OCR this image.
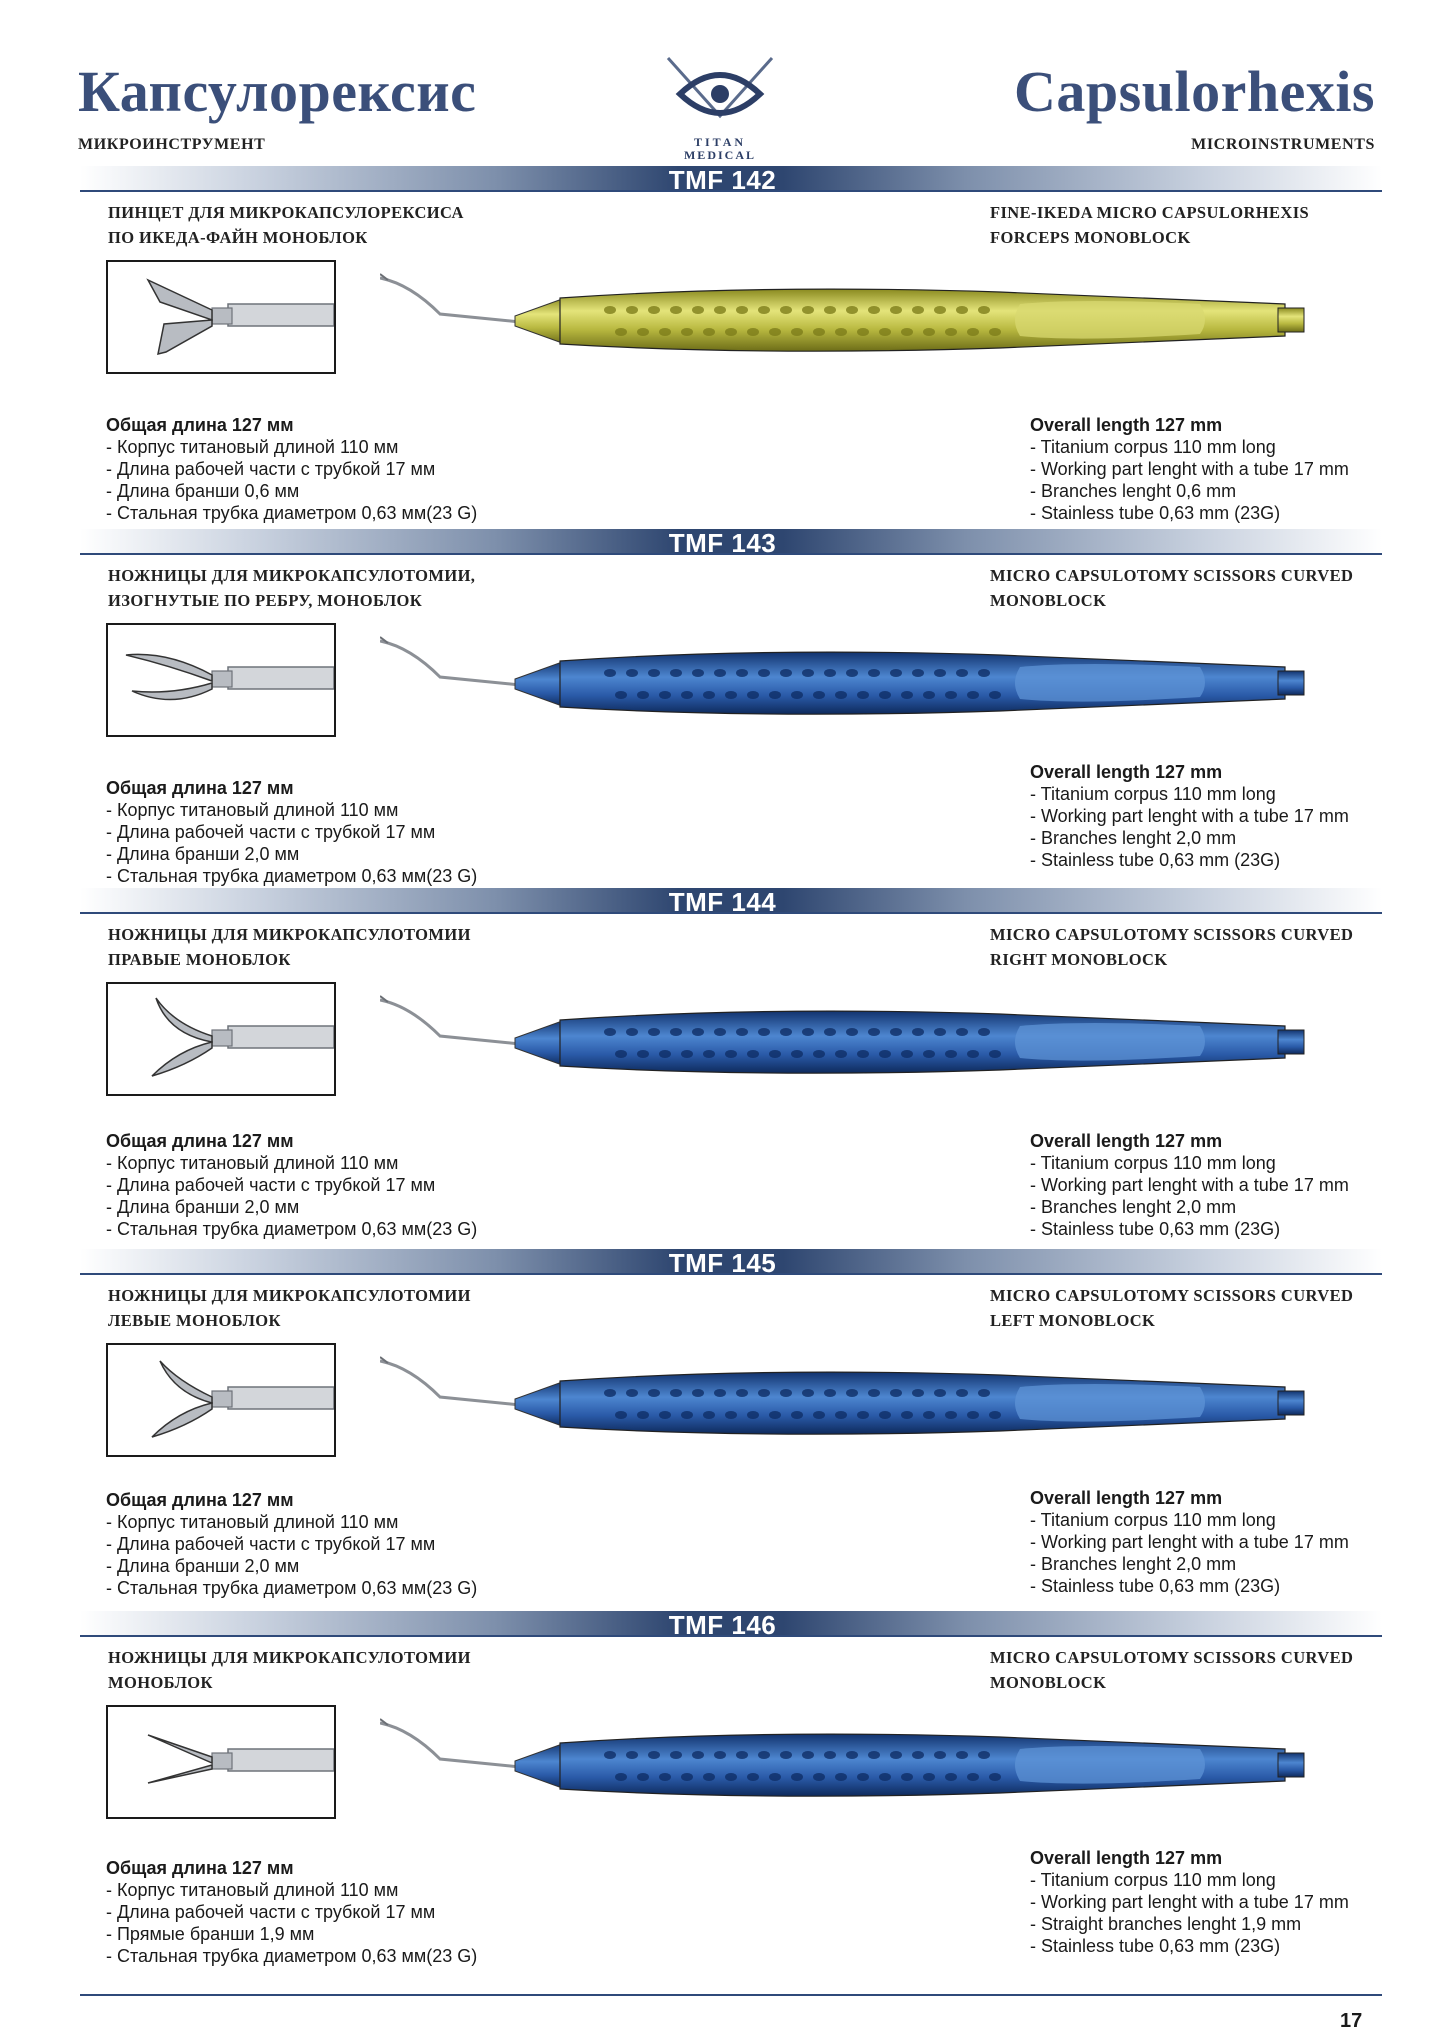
Капсулорексис
МИКРОИНСТРУМЕНТ
Capsulorhexis
MICROINSTRUMENTS
TITAN
MEDICAL
TMF 142
ПИНЦЕТ ДЛЯ МИКРОКАПСУЛОРЕКСИСА
ПО ИКЕДА-ФАЙН МОНОБЛОК
FINE-IKEDA MICRO CAPSULORHEXIS
FORCEPS MONOBLOCK
Общая длина 127 мм
- Корпус титановый длиной 110 мм
- Длина рабочей части с трубкой 17 мм
- Длина бранши 0,6 мм
- Стальная трубка диаметром 0,63 мм(23 G)
Overall length 127 mm
- Titanium corpus 110 mm long
- Working part lenght with a tube 17 mm
- Branches lenght 0,6 mm
- Stainless tube 0,63 mm (23G)
TMF 143
НОЖНИЦЫ ДЛЯ МИКРОКАПСУЛОТОМИИ,
ИЗОГНУТЫЕ ПО РЕБРУ, МОНОБЛОК
MICRO CAPSULOTOMY SCISSORS CURVED
MONOBLOCK
Общая длина 127 мм
- Корпус титановый длиной 110 мм
- Длина рабочей части с трубкой 17 мм
- Длина бранши 2,0 мм
- Стальная трубка диаметром 0,63 мм(23 G)
Overall length 127 mm
- Titanium corpus 110 mm long
- Working part lenght with a tube 17 mm
- Branches lenght 2,0 mm
- Stainless tube 0,63 mm (23G)
TMF 144
НОЖНИЦЫ ДЛЯ МИКРОКАПСУЛОТОМИИ
ПРАВЫЕ МОНОБЛОК
MICRO CAPSULOTOMY SCISSORS CURVED
RIGHT MONOBLOCK
Общая длина 127 мм
- Корпус титановый длиной 110 мм
- Длина рабочей части с трубкой 17 мм
- Длина бранши 2,0 мм
- Стальная трубка диаметром 0,63 мм(23 G)
Overall length 127 mm
- Titanium corpus 110 mm long
- Working part lenght with a tube 17 mm
- Branches lenght 2,0 mm
- Stainless tube 0,63 mm (23G)
TMF 145
НОЖНИЦЫ ДЛЯ МИКРОКАПСУЛОТОМИИ
ЛЕВЫЕ МОНОБЛОК
MICRO CAPSULOTOMY SCISSORS CURVED
LEFT MONOBLOCK
Общая длина 127 мм
- Корпус титановый длиной 110 мм
- Длина рабочей части с трубкой 17 мм
- Длина бранши 2,0 мм
- Стальная трубка диаметром 0,63 мм(23 G)
Overall length 127 mm
- Titanium corpus 110 mm long
- Working part lenght with a tube 17 mm
- Branches lenght 2,0 mm
- Stainless tube 0,63 mm (23G)
TMF 146
НОЖНИЦЫ ДЛЯ МИКРОКАПСУЛОТОМИИ
МОНОБЛОК
MICRO CAPSULOTOMY SCISSORS CURVED
MONOBLOCK
Общая длина 127 мм
- Корпус титановый длиной 110 мм
- Длина рабочей части с трубкой 17 мм
- Прямые бранши 1,9 мм
- Стальная трубка диаметром 0,63 мм(23 G)
Overall length 127 mm
- Titanium corpus 110 mm long
- Working part lenght with a tube 17 mm
- Straight branches lenght 1,9 mm
- Stainless tube 0,63 mm (23G)
17
